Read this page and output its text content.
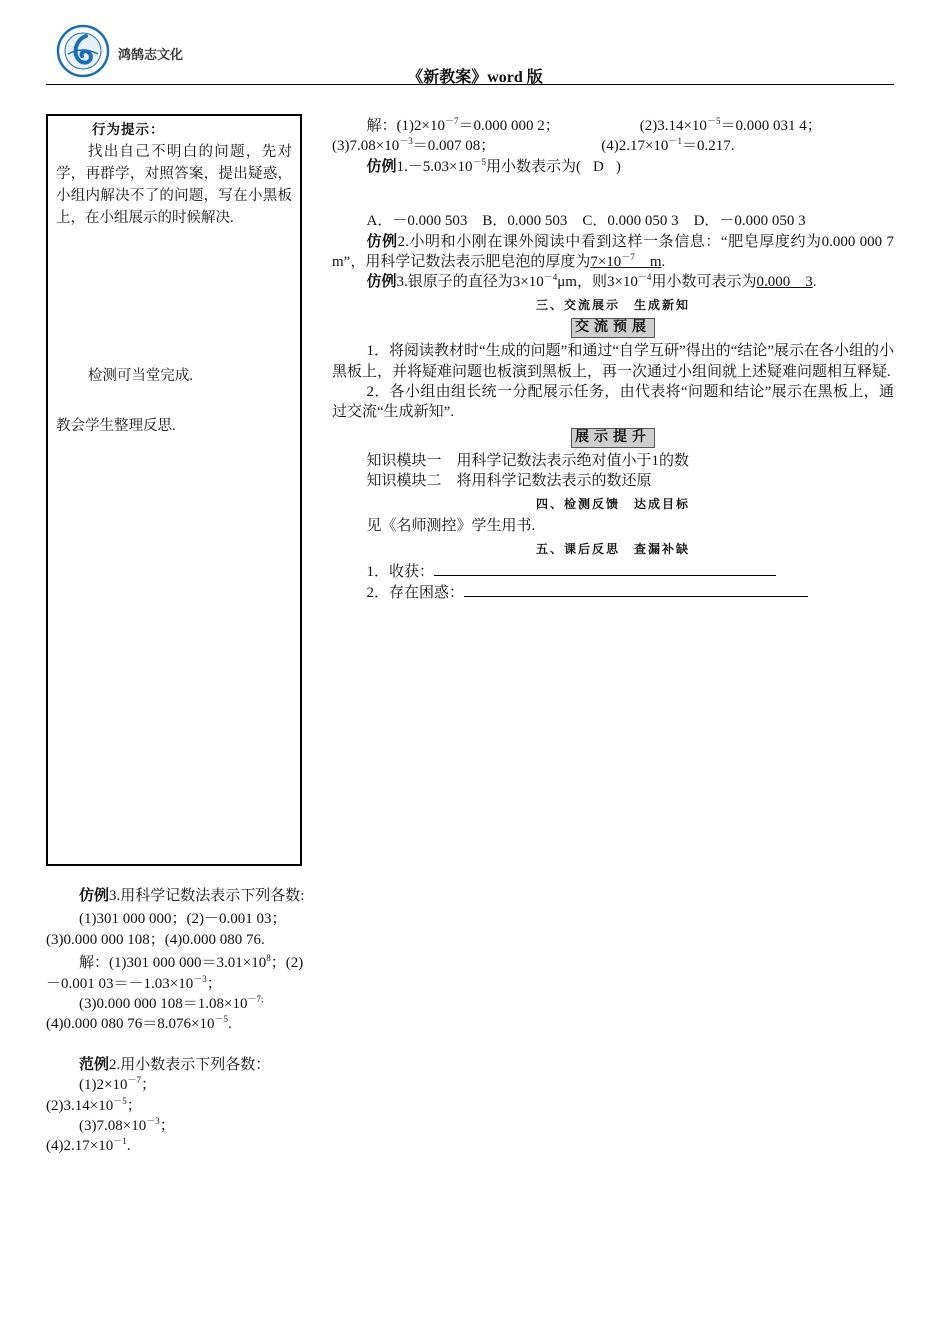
鸿鹄志文化
《新教案》word 版

行为提示：

找出自己不明白的问题，先对学，再群学，对照答案，提出疑惑，小组内解决不了的问题，写在小黑板上，在小组展示的时候解决.

检测可当堂完成.

教会学生整理反思.

仿例3.用科学记数法表示下列各数:

(1)301 000 000；(2)－0.001 03；(3)0.000 000 108；(4)0.000 080 76.

解：(1)301 000 $000=3.01\times 10^8$；(2)－0.001 $03=-1.03\times 10^{-3}$；

(3)0.000 000 $108=1.08\times 10^{-7;}$

(4)0.000 080 $76=8.076\times 10^{-5}$.

范例2.用小数表示下列各数：

$(1)2\times 10^{-7}$；

$(2)3.14\times 10^{-5}$；

$(3)7.08\times 10^{-3}$；

$(4)2.17\times 10^{-1}$.

解：$(1)2\times 10^{-7}=0.000$ 000 2；	$(2)3.14\times 10^{-5}=0.000$ 031 4；

$(3)7.08\times 10^{-3}=0.007$ 08；	$(4)2.17\times 10^{-1}=0.217$.

仿例$1.-5.03\times 10^{-5}$用小数表示为( D )

A．－0.000 503　B．0.000 503　C．0.000 050 3　D．－0.000 050 3

仿例2.小明和小刚在课外阅读中看到这样一条信息：“肥皂厚度约为0.000 000 7 m”，用科学记数法表示肥皂泡的厚度为$7\times 10^{-7}$　 m.

仿例3.银原子的直径为$3\times 10^{-4}\mu m$，则$3\times 10^{-4}$用小数可表示为0.000　3.

三、交流展示　生成新知

交流预展

1．将阅读教材时“生成的问题”和通过“自学互研”得出的“结论”展示在各小组的小黑板上，并将疑难问题也板演到黑板上，再一次通过小组间就上述疑难问题相互释疑.

2．各小组由组长统一分配展示任务，由代表将“问题和结论”展示在黑板上，通过交流“生成新知”.

展示提升

知识模块一　用科学记数法表示绝对值小于1的数

知识模块二　将用科学记数法表示的数还原

四、检测反馈　达成目标

见《名师测控》学生用书.

五、课后反思　查漏补缺

1．收获：

2．存在困惑：
